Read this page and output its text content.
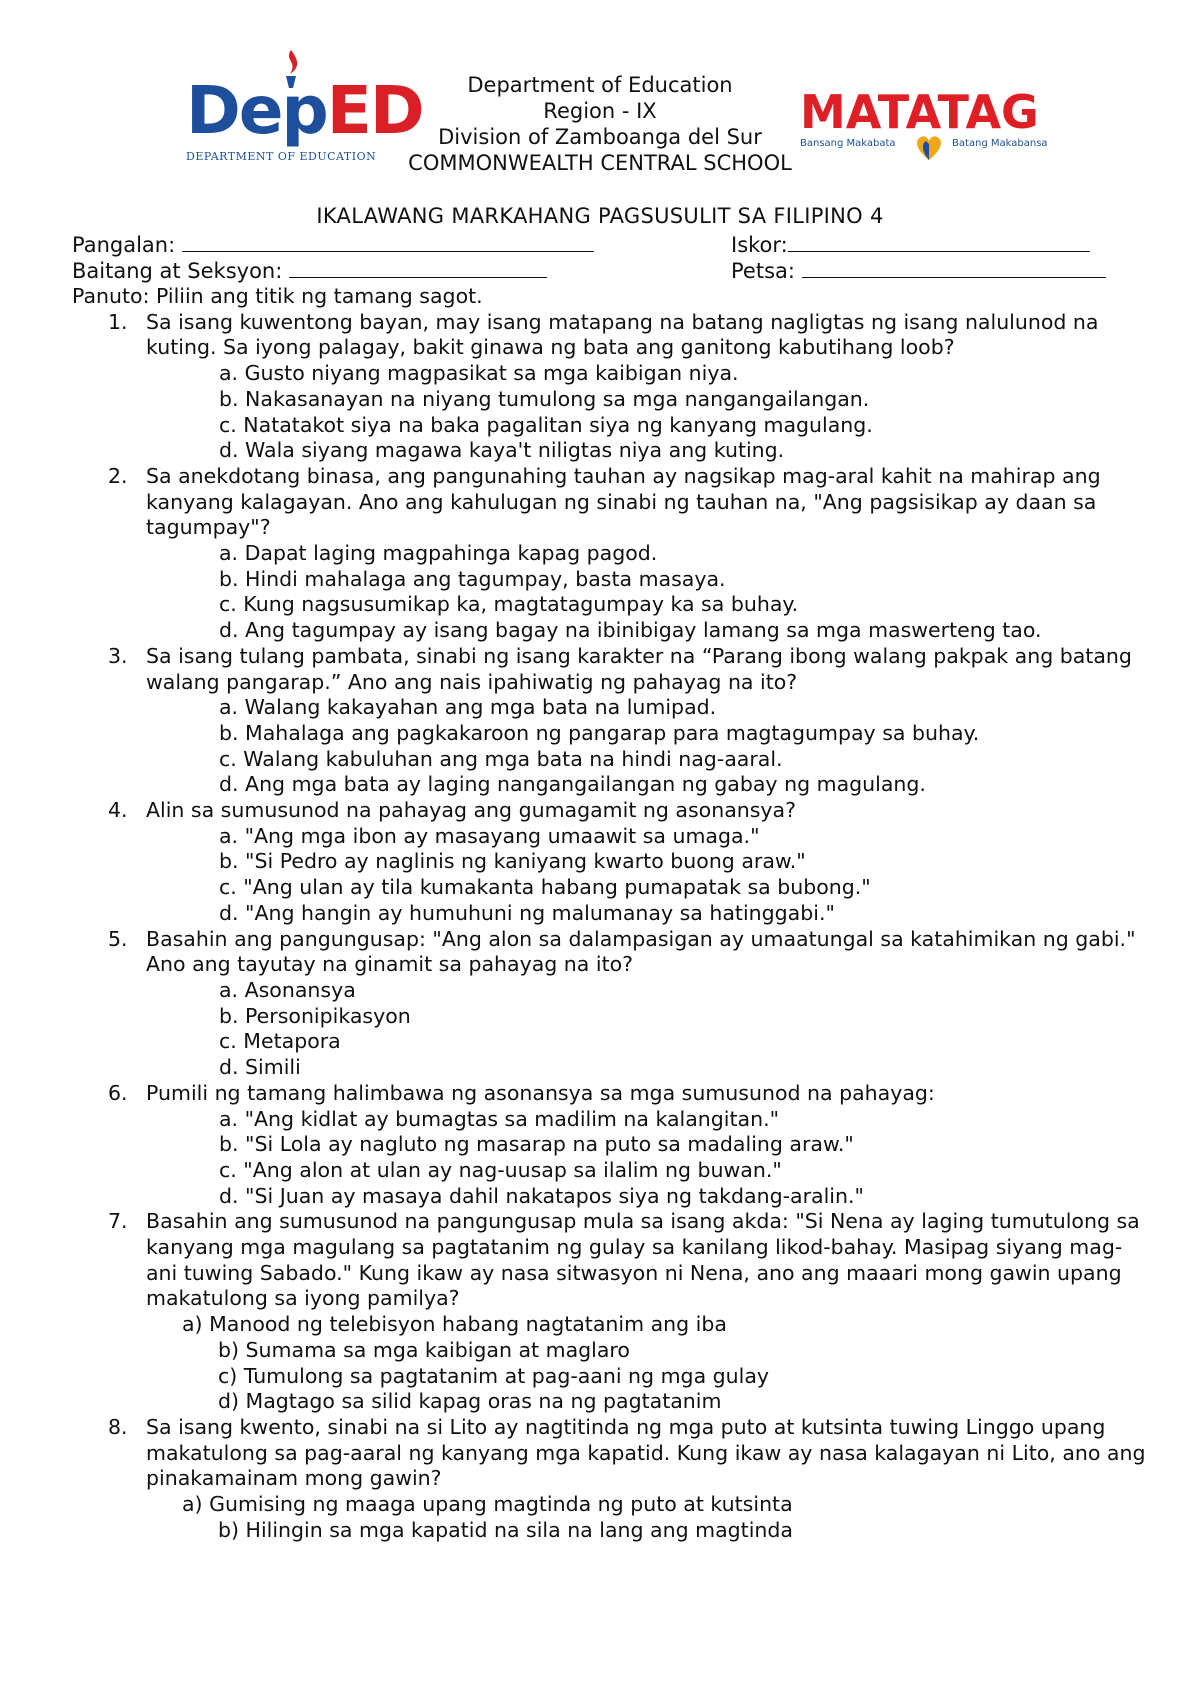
DepED
DEPARTMENT OF EDUCATION
Department of Education
Region - IX
Division of Zamboanga del Sur
COMMONWEALTH CENTRAL SCHOOL
MATATAG
Bansang Makabata	Batang Makabansa
IKALAWANG MARKAHANG PAGSUSULIT SA FILIPINO 4
Pangalan:	Iskor:
Baitang at Seksyon:	Petsa:
Panuto: Piliin ang titik ng tamang sagot.
1. Sa isang kuwentong bayan, may isang matapang na batang nagligtas ng isang nalulunod na kuting. Sa iyong palagay, bakit ginawa ng bata ang ganitong kabutihang loob?
a. Gusto niyang magpasikat sa mga kaibigan niya.
b. Nakasanayan na niyang tumulong sa mga nangangailangan.
c. Natatakot siya na baka pagalitan siya ng kanyang magulang.
d. Wala siyang magawa kaya't niligtas niya ang kuting.
2. Sa anekdotang binasa, ang pangunahing tauhan ay nagsikap mag-aral kahit na mahirap ang kanyang kalagayan. Ano ang kahulugan ng sinabi ng tauhan na, "Ang pagsisikap ay daan sa tagumpay"?
a. Dapat laging magpahinga kapag pagod.
b. Hindi mahalaga ang tagumpay, basta masaya.
c. Kung nagsusumikap ka, magtatagumpay ka sa buhay.
d. Ang tagumpay ay isang bagay na ibinibigay lamang sa mga maswerteng tao.
3. Sa isang tulang pambata, sinabi ng isang karakter na “Parang ibong walang pakpak ang batang walang pangarap.” Ano ang nais ipahiwatig ng pahayag na ito?
a. Walang kakayahan ang mga bata na lumipad.
b. Mahalaga ang pagkakaroon ng pangarap para magtagumpay sa buhay.
c. Walang kabuluhan ang mga bata na hindi nag-aaral.
d. Ang mga bata ay laging nangangailangan ng gabay ng magulang.
4. Alin sa sumusunod na pahayag ang gumagamit ng asonansya?
a. "Ang mga ibon ay masayang umaawit sa umaga."
b. "Si Pedro ay naglinis ng kaniyang kwarto buong araw."
c. "Ang ulan ay tila kumakanta habang pumapatak sa bubong."
d. "Ang hangin ay humuhuni ng malumanay sa hatinggabi."
5. Basahin ang pangungusap: "Ang alon sa dalampasigan ay umaatungal sa katahimikan ng gabi." Ano ang tayutay na ginamit sa pahayag na ito?
a. Asonansya
b. Personipikasyon
c. Metapora
d. Simili
6. Pumili ng tamang halimbawa ng asonansya sa mga sumusunod na pahayag:
a. "Ang kidlat ay bumagtas sa madilim na kalangitan."
b. "Si Lola ay nagluto ng masarap na puto sa madaling araw."
c. "Ang alon at ulan ay nag-uusap sa ilalim ng buwan."
d. "Si Juan ay masaya dahil nakatapos siya ng takdang-aralin."
7. Basahin ang sumusunod na pangungusap mula sa isang akda: "Si Nena ay laging tumutulong sa kanyang mga magulang sa pagtatanim ng gulay sa kanilang likod-bahay. Masipag siyang mag-ani tuwing Sabado." Kung ikaw ay nasa sitwasyon ni Nena, ano ang maaari mong gawin upang makatulong sa iyong pamilya?
a) Manood ng telebisyon habang nagtatanim ang iba
b) Sumama sa mga kaibigan at maglaro
c) Tumulong sa pagtatanim at pag-aani ng mga gulay
d) Magtago sa silid kapag oras na ng pagtatanim
8. Sa isang kwento, sinabi na si Lito ay nagtitinda ng mga puto at kutsinta tuwing Linggo upang makatulong sa pag-aaral ng kanyang mga kapatid. Kung ikaw ay nasa kalagayan ni Lito, ano ang pinakamainam mong gawin?
a) Gumising ng maaga upang magtinda ng puto at kutsinta
b) Hilingin sa mga kapatid na sila na lang ang magtinda
